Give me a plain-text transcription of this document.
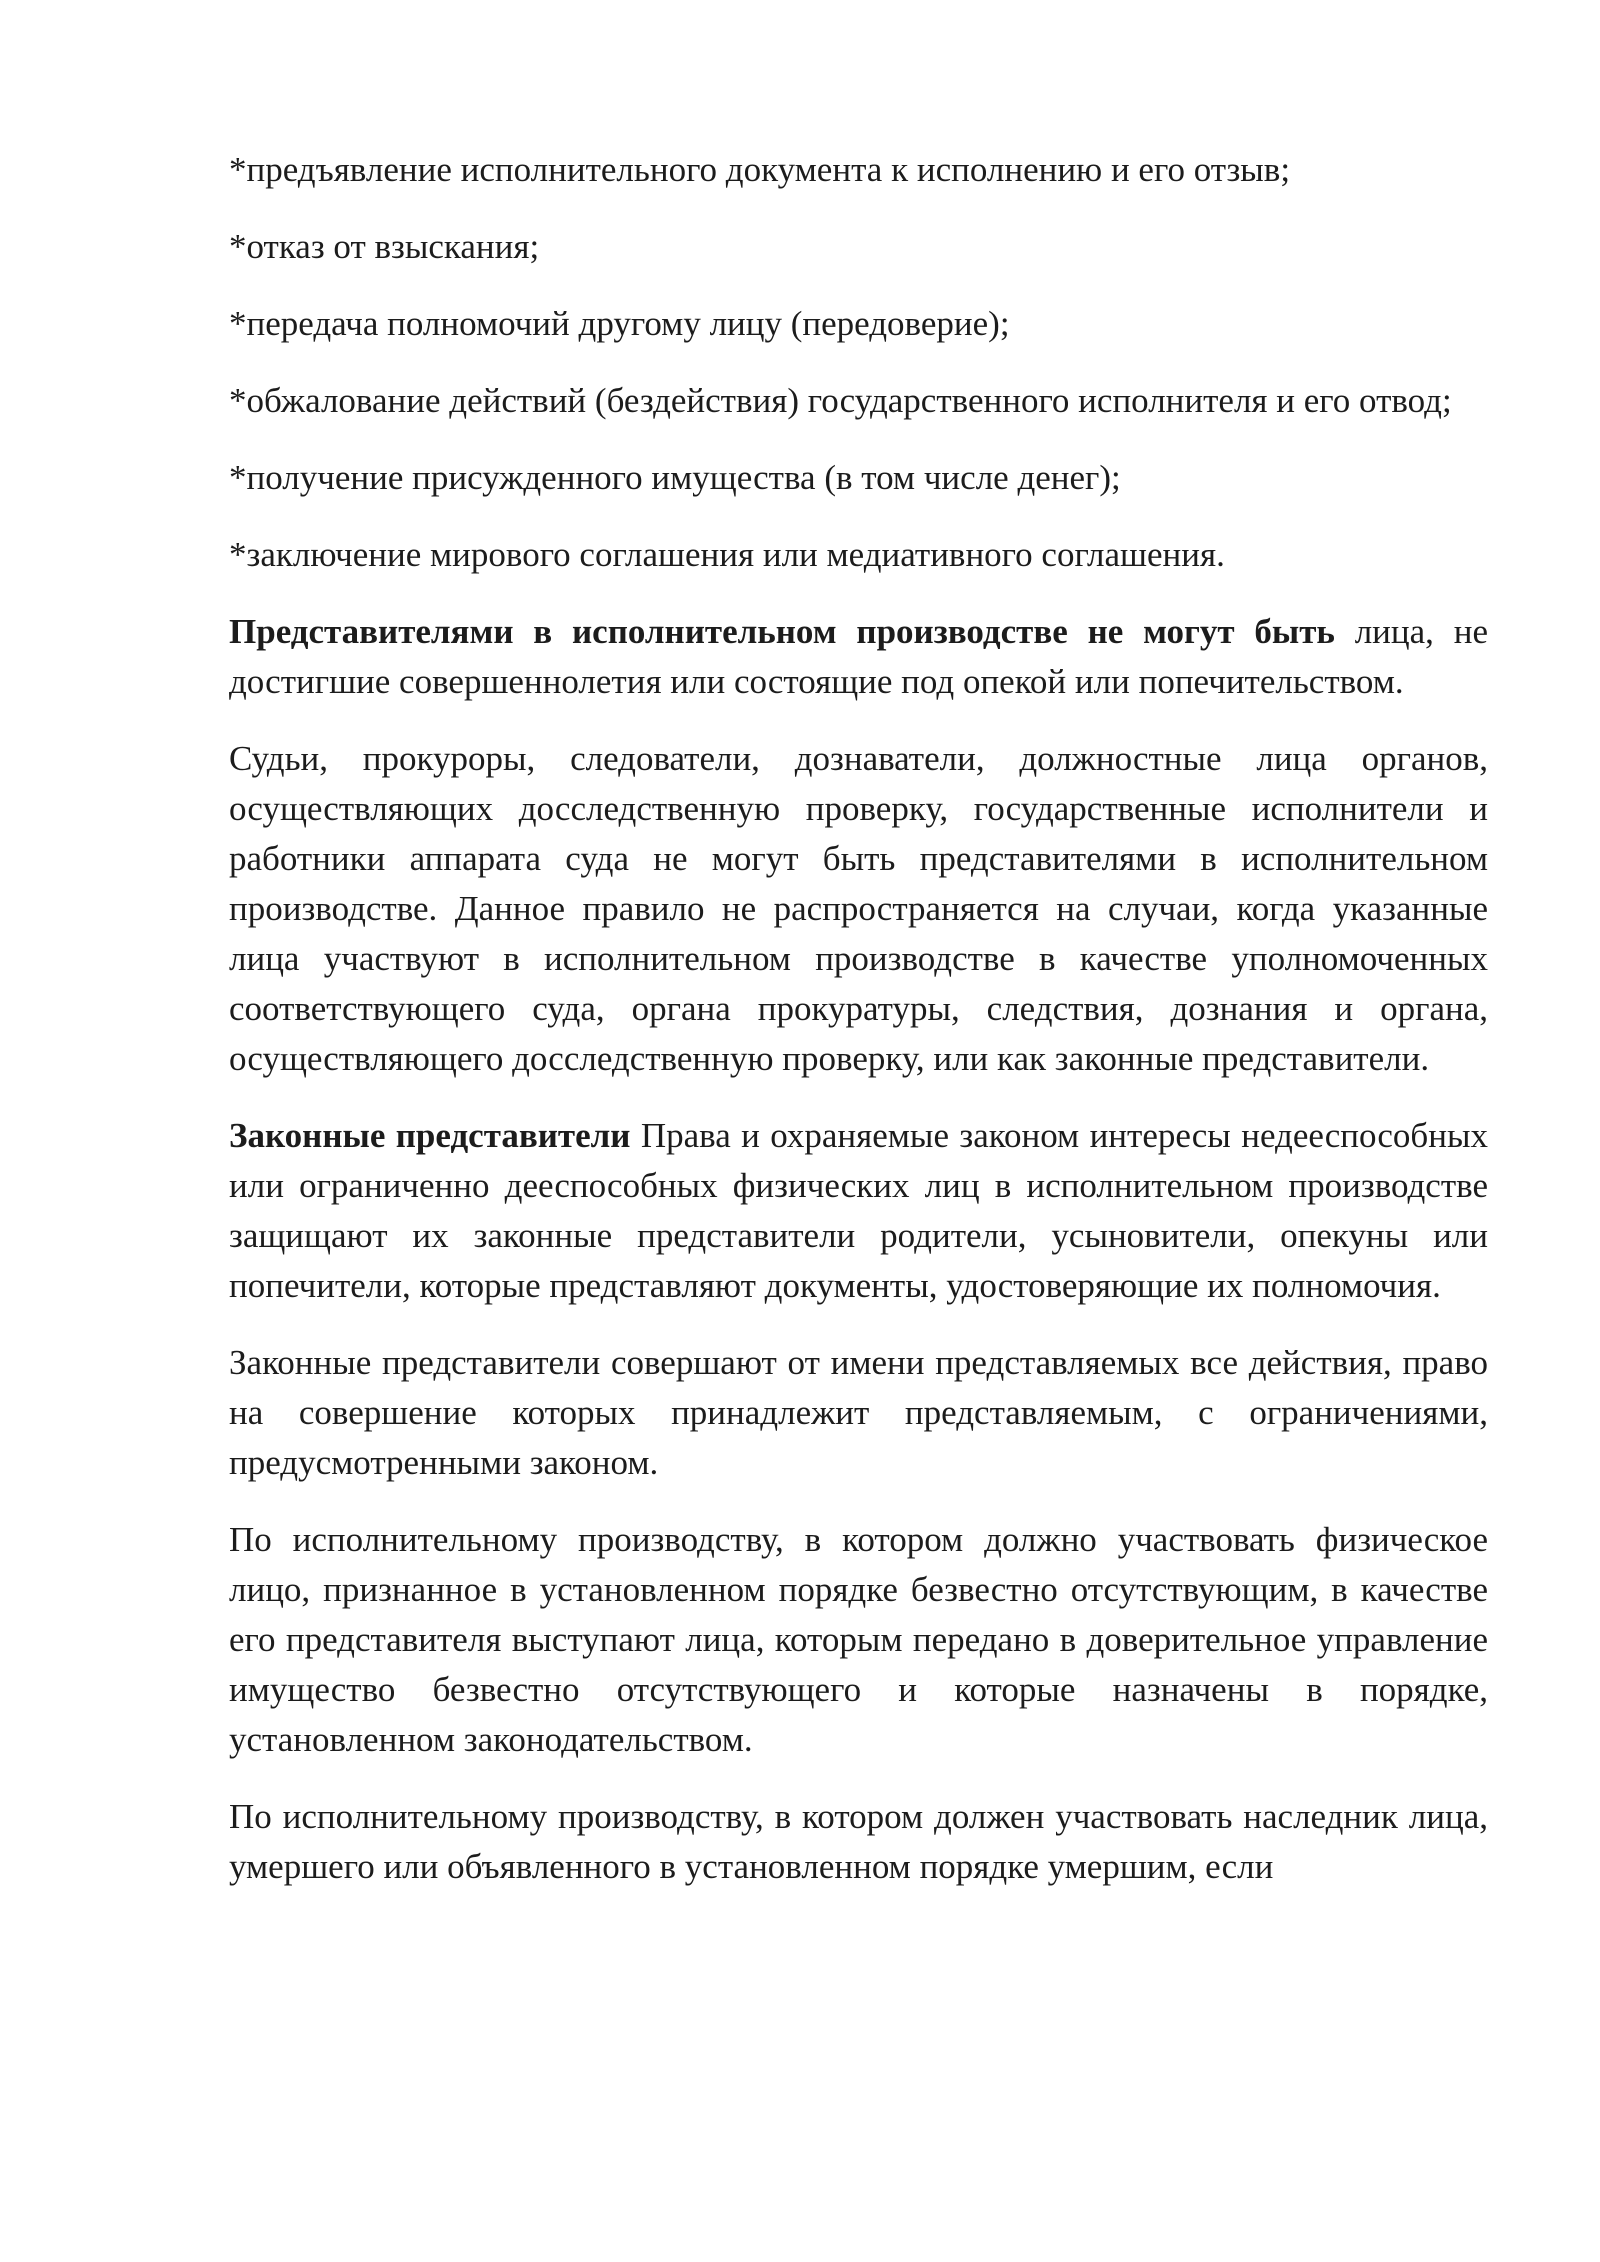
*предъявление исполнительного документа к исполнению и его отзыв;

*отказ от взыскания;

*передача полномочий другому лицу (передоверие);

*обжалование действий (бездействия) государственного исполнителя и его отвод;

*получение присужденного имущества (в том числе денег);

*заключение мирового соглашения или медиативного соглашения.

Представителями в исполнительном производстве не могут быть лица, не достигшие совершеннолетия или состоящие под опекой или попечительством.

Судьи, прокуроры, следователи, дознаватели, должностные лица органов, осуществляющих досследственную проверку, государственные исполнители и работники аппарата суда не могут быть представителями в исполнительном производстве. Данное правило не распространяется на случаи, когда указанные лица участвуют в исполнительном производстве в качестве уполномоченных соответствующего суда, органа прокуратуры, следствия, дознания и органа, осуществляющего досследственную проверку, или как законные представители.

Законные представители Права и охраняемые законом интересы недееспособных или ограниченно дееспособных физических лиц в исполнительном производстве защищают их законные представители родители, усыновители, опекуны или попечители, которые представляют документы, удостоверяющие их полномочия.

Законные представители совершают от имени представляемых все действия, право на совершение которых принадлежит представляемым, с ограничениями, предусмотренными законом.

По исполнительному производству, в котором должно участвовать физическое лицо, признанное в установленном порядке безвестно отсутствующим, в качестве его представителя выступают лица, которым передано в доверительное управление имущество безвестно отсутствующего и которые назначены в порядке, установленном законодательством.

По исполнительному производству, в котором должен участвовать наследник лица, умершего или объявленного в установленном порядке умершим, если
